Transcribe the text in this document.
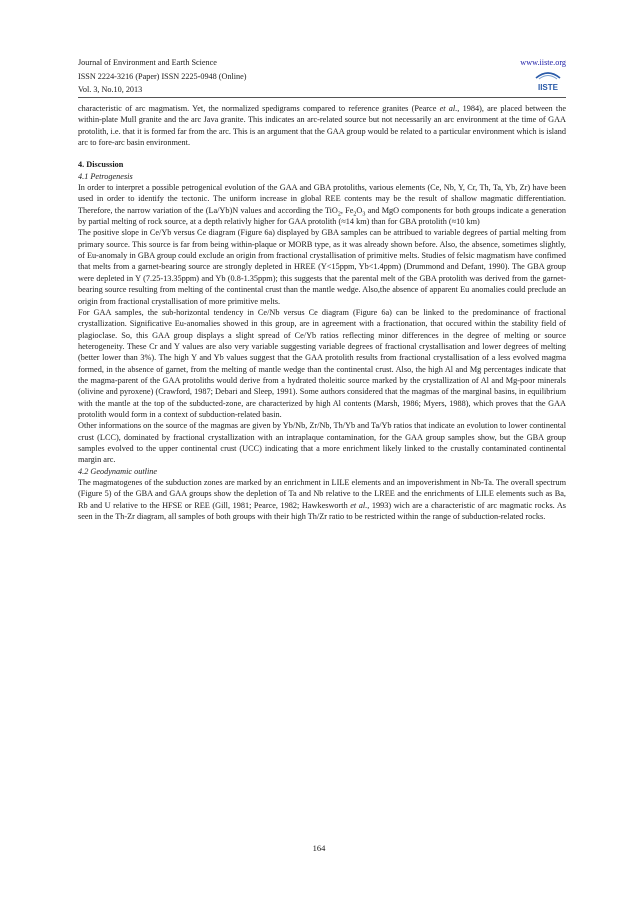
Journal of Environment and Earth Science	www.iiste.org
ISSN 2224-3216 (Paper) ISSN 2225-0948 (Online)
Vol. 3, No.10, 2013	IISTE

characteristic of arc magmatism. Yet, the normalized spedigrams compared to reference granites (Pearce et al., 1984), are placed between the within-plate Mull granite and the arc Java granite. This indicates an arc-related source but not necessarily an arc environment at the time of GAA protolith, i.e. that it is formed far from the arc. This is an argument that the GAA group would be related to a particular environment which is island arc to fore-arc basin environment.

4. Discussion

4.1 Petrogenesis

In order to interpret a possible petrogenical evolution of the GAA and GBA protoliths, various elements (Ce, Nb, Y, Cr, Th, Ta, Yb, Zr) have been used in order to identify the tectonic. The uniform increase in global REE contents may be the result of shallow magmatic differentiation. Therefore, the narrow variation of the (La/Yb)N values and according the TiO$_2$, $Fe_2O_3$ and MgO components for both groups indicate a generation by partial melting of rock source, at a depth relativly higher for GAA protolith (≈14 km) than for GBA protolith (≈10 km)

The positive slope in Ce/Yb versus Ce diagram (Figure 6a) displayed by GBA samples can be attribued to variable degrees of partial melting from primary source. This source is far from being within-plaque or MORB type, as it was already shown before. Also, the absence, sometimes slightly, of Eu-anomaly in GBA group could exclude an origin from fractional crystallisation of primitive melts. Studies of felsic magmatism have confimed that melts from a garnet-bearing source are strongly depleted in HREE (Y<15ppm, Yb<1.4ppm) (Drummond and Defant, 1990). The GBA group were depleted in Y (7.25-13.35ppm) and Yb (0.8-1.35ppm); this suggests that the parental melt of the GBA protolith was derived from the garnet-bearing source resulting from melting of the continental crust than the mantle wedge. Also,the absence of apparent Eu anomalies could preclude an origin from fractional crystallisation of more primitive melts.

For GAA samples, the sub-horizontal tendency in Ce/Nb versus Ce diagram (Figure 6a) can be linked to the predominance of fractional crystallization. Significative Eu-anomalies showed in this group, are in agreement with a fractionation, that occured within the stability field of plagioclase. So, this GAA group displays a slight spread of Ce/Yb ratios reflecting minor differences in the degree of melting or source heterogeneity. These Cr and Y values are also very variable suggesting variable degrees of fractional crystallisation and lower degrees of melting (better lower than 3%). The high Y and Yb values suggest that the GAA protolith results from fractional crystallisation of a less evolved magma formed, in the absence of garnet, from the melting of mantle wedge than the continental crust. Also, the high Al and Mg percentages indicate that the magma-parent of the GAA protoliths would derive from a hydrated tholeitic source marked by the crystallization of Al and Mg-poor minerals (olivine and pyroxene) (Crawford, 1987; Debari and Sleep, 1991). Some authors considered that the magmas of the marginal basins, in equilibrium with the mantle at the top of the subducted-zone, are characterized by high Al contents (Marsh, 1986; Myers, 1988), which proves that the GAA protolith would form in a context of subduction-related basin.

Other informations on the source of the magmas are given by Yb/Nb, Zr/Nb, Th/Yb and Ta/Yb ratios that indicate an evolution to lower continental crust (LCC), dominated by fractional crystallization with an intraplaque contamination, for the GAA group samples show, but the GBA group samples evolved to the upper continental crust (UCC) indicating that a more enrichment likely linked to the crustally contaminated continental margin arc.

4.2 Geodynamic outline

The magmatogenes of the subduction zones are marked by an enrichment in LILE elements and an impoverishment in Nb-Ta. The overall spectrum (Figure 5) of the GBA and GAA groups show the depletion of Ta and Nb relative to the LREE and the enrichments of LILE elements such as Ba, Rb and U relative to the HFSE or REE (Gill, 1981; Pearce, 1982; Hawkesworth et al., 1993) wich are a characteristic of arc magmatic rocks. As seen in the Th-Zr diagram, all samples of both groups with their high Th/Zr ratio to be restricted within the range of subduction-related rocks.

164
